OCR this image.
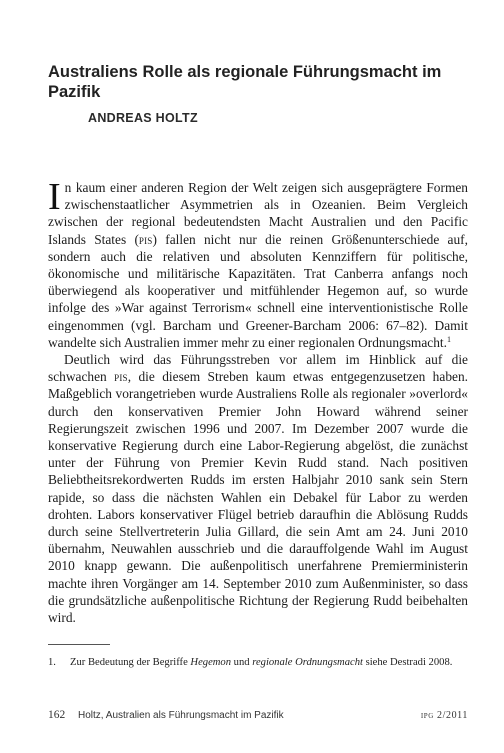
Australiens Rolle als regionale Führungsmacht im Pazifik
ANDREAS HOLTZ

In kaum einer anderen Region der Welt zeigen sich ausgeprägtere Formen zwischenstaatlicher Asymmetrien als in Ozeanien. Beim Vergleich zwischen der regional bedeutendsten Macht Australien und den Pacific Islands States (pis) fallen nicht nur die reinen Größenunterschiede auf, sondern auch die relativen und absoluten Kennziffern für politische, ökonomische und militärische Kapazitäten. Trat Canberra anfangs noch überwiegend als kooperativer und mitfühlender Hegemon auf, so wurde infolge des »War against Terrorism« schnell eine interventionistische Rolle eingenommen (vgl. Barcham und Greener-Barcham 2006: 67–82). Damit wandelte sich Australien immer mehr zu einer regionalen Ordnungsmacht.$^1$

Deutlich wird das Führungsstreben vor allem im Hinblick auf die schwachen pis, die diesem Streben kaum etwas entgegenzusetzen haben. Maßgeblich vorangetrieben wurde Australiens Rolle als regionaler »overlord« durch den konservativen Premier John Howard während seiner Regierungszeit zwischen 1996 und 2007. Im Dezember 2007 wurde die konservative Regierung durch eine Labor-Regierung abgelöst, die zunächst unter der Führung von Premier Kevin Rudd stand. Nach positiven Beliebtheitsrekordwerten Rudds im ersten Halbjahr 2010 sank sein Stern rapide, so dass die nächsten Wahlen ein Debakel für Labor zu werden drohten. Labors konservativer Flügel betrieb daraufhin die Ablösung Rudds durch seine Stellvertreterin Julia Gillard, die sein Amt am 24. Juni 2010 übernahm, Neuwahlen ausschrieb und die darauffolgende Wahl im August 2010 knapp gewann. Die außenpolitisch unerfahrene Premierministerin machte ihren Vorgänger am 14. September 2010 zum Außenminister, so dass die grundsätzliche außenpolitische Richtung der Regierung Rudd beibehalten wird.

1. Zur Bedeutung der Begriffe Hegemon und regionale Ordnungsmacht siehe Destradi 2008.
162 Holtz, Australien als Führungsmacht im Pazifik	ipg 2/2011
